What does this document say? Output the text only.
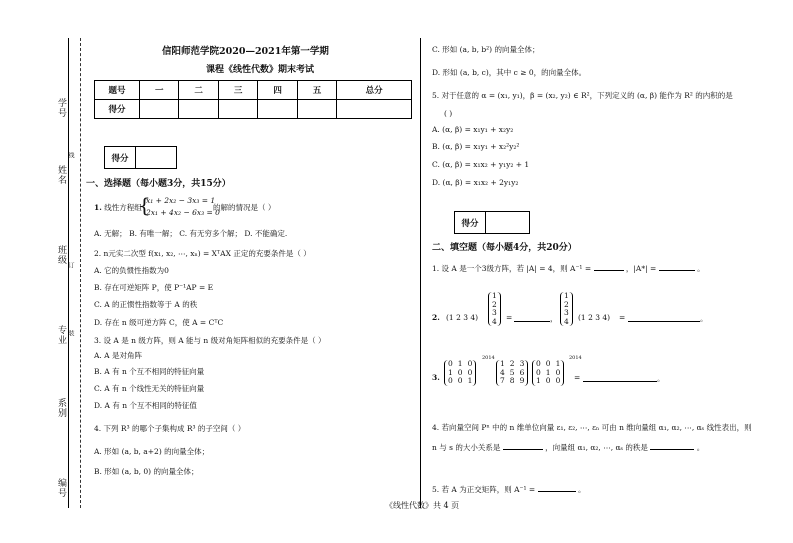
学号
姓名
线
班级
订
专业 装
系别
编号
信阳师范学院2020—2021年第一学期
课程《线性代数》期末考试
题号	一	二	三	四	五	总分
得分						
得分
一、选择题（每小题3分，共15分）
1. 线性方程组
{
x₁ + 2x₂ − 3x₃ = 1
2x₁ + 4x₂ − 6x₃ = 0
的解的情况是（ ）
A. 无解； B. 有唯一解； C. 有无穷多个解； D. 不能确定.
2. n元实二次型 f(x₁, x₂, ⋯, xₙ) = XᵀAX 正定的充要条件是（ ）
A. 它的负惯性指数为0
B. 存在可逆矩阵 P，使 P⁻¹AP = E
C. A 的正惯性指数等于 A 的秩
D. 存在 n 级可逆方阵 C，使 A = CᵀC
3. 设 A 是 n 级方阵，则 A 能与 n 级对角矩阵相似的充要条件是（ ）
A. A 是对角阵
B. A 有 n 个互不相同的特征向量
C. A 有 n 个线性无关的特征向量
D. A 有 n 个互不相同的特征值
4. 下列 R³ 的哪个子集构成 R³ 的子空间（ ）
A. 形如 (a, b, a+2) 的向量全体；
B. 形如 (a, b, 0) 的向量全体；
C. 形如 (a, b, b²) 的向量全体；
D. 形如 (a, b, c)，其中 c ≥ 0，的向量全体。
5. 对于任意的 α = (x₁, y₁)，β = (x₂, y₂) ∈ R²，下列定义的 (α, β) 能作为 R² 的内积的是
( )
A. (α, β) = x₁y₁ + x₂y₂
B. (α, β) = x₁y₁ + x₂²y₂²
C. (α, β) = x₁x₂ + y₁y₂ + 1
D. (α, β) = x₁x₂ + 2y₁y₂
得分
二、填空题（每小题4分，共20分）
1. 设 A 是一个3级方阵，若 |A| = 4，则 A⁻¹ =	，|A*| =	。
2. (1 2 3 4)
1
2
3
4 =	，
1
2
3
4 (1 2 3 4) =	。
3.
0 1 0
1 0 0
0 0 1
2014
1 2 3
4 5 6
7 8 9
0 0 1
0 1 0
1 0 0
2014
=	。
4. 若向量空间 Pⁿ 中的 n 维单位向量 ε₁, ε₂, ⋯, εₙ 可由 n 维向量组 α₁, α₂, ⋯, αₛ 线性表出，则
n 与 s 的大小关系是	，向量组 α₁, α₂, ⋯, αₛ 的秩是	。
5. 若 A 为正交矩阵，则 A⁻¹ =	。
《线性代数》共 4 页
